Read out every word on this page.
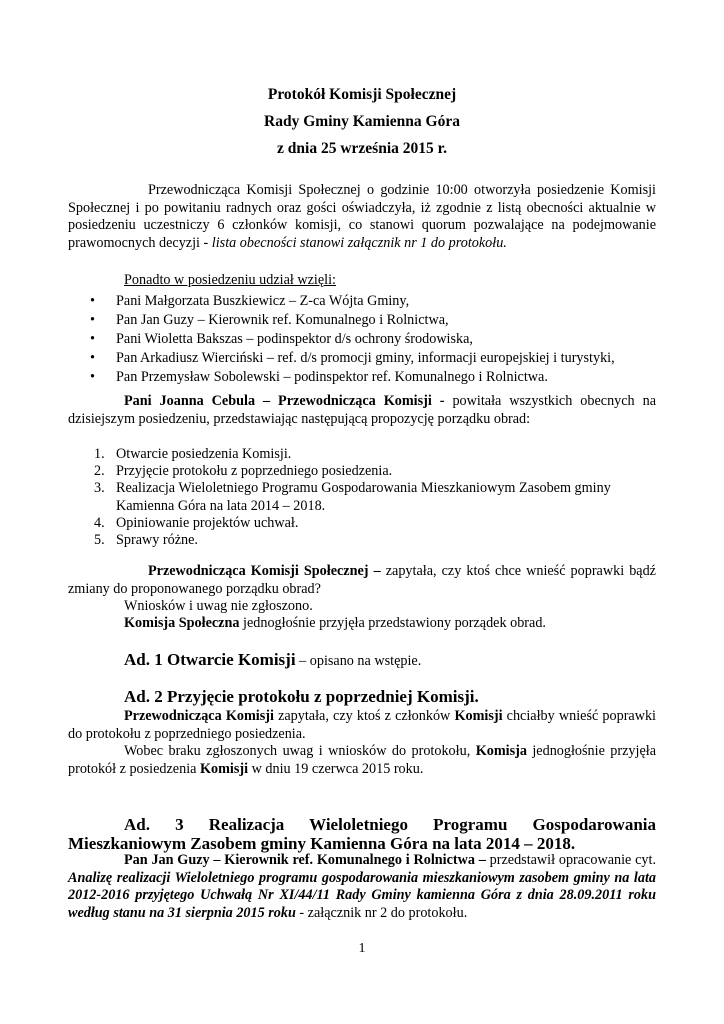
Protokół Komisji Społecznej
Rady Gminy Kamienna Góra
z dnia 25 września 2015 r.
Przewodnicząca Komisji Społecznej o godzinie 10:00 otworzyła posiedzenie Komisji Społecznej i po powitaniu radnych oraz gości oświadczyła, iż zgodnie z listą obecności aktualnie w posiedzeniu uczestniczy 6 członków komisji, co stanowi quorum pozwalające na podejmowanie prawomocnych decyzji - lista obecności stanowi załącznik nr 1 do protokołu.
Ponadto w posiedzeniu udział wzięli:
• Pani Małgorzata Buszkiewicz – Z-ca Wójta Gminy,
• Pan Jan Guzy – Kierownik ref. Komunalnego i Rolnictwa,
• Pani Wioletta Bakszas – podinspektor d/s ochrony środowiska,
• Pan Arkadiusz Wierciński – ref. d/s promocji gminy, informacji europejskiej i turystyki,
• Pan Przemysław Sobolewski – podinspektor ref. Komunalnego i Rolnictwa.
Pani Joanna Cebula – Przewodnicząca Komisji - powitała wszystkich obecnych na dzisiejszym posiedzeniu, przedstawiając następującą propozycję porządku obrad:
1. Otwarcie posiedzenia Komisji.
2. Przyjęcie protokołu z poprzedniego posiedzenia.
3. Realizacja Wieloletniego Programu Gospodarowania Mieszkaniowym Zasobem gminy Kamienna Góra na lata 2014 – 2018.
4. Opiniowanie projektów uchwał.
5. Sprawy różne.
Przewodnicząca Komisji Społecznej – zapytała, czy ktoś chce wnieść poprawki bądź zmiany do proponowanego porządku obrad?
Wniosków i uwag nie zgłoszono.
Komisja Społeczna jednogłośnie przyjęła przedstawiony porządek obrad.
Ad. 1 Otwarcie Komisji – opisano na wstępie.
Ad. 2 Przyjęcie protokołu z poprzedniej Komisji.
Przewodnicząca Komisji zapytała, czy ktoś z członków Komisji chciałby wnieść poprawki do protokołu z poprzedniego posiedzenia.
Wobec braku zgłoszonych uwag i wniosków do protokołu, Komisja jednogłośnie przyjęła protokół z posiedzenia Komisji w dniu 19 czerwca 2015 roku.
Ad. 3 Realizacja Wieloletniego Programu Gospodarowania Mieszkaniowym Zasobem gminy Kamienna Góra na lata 2014 – 2018.
Pan Jan Guzy – Kierownik ref. Komunalnego i Rolnictwa – przedstawił opracowanie cyt. Analizę realizacji Wieloletniego programu gospodarowania mieszkaniowym zasobem gminy na lata 2012-2016 przyjętego Uchwałą Nr XI/44/11 Rady Gminy kamienna Góra z dnia 28.09.2011 roku według stanu na 31 sierpnia 2015 roku - załącznik nr 2 do protokołu.
1
